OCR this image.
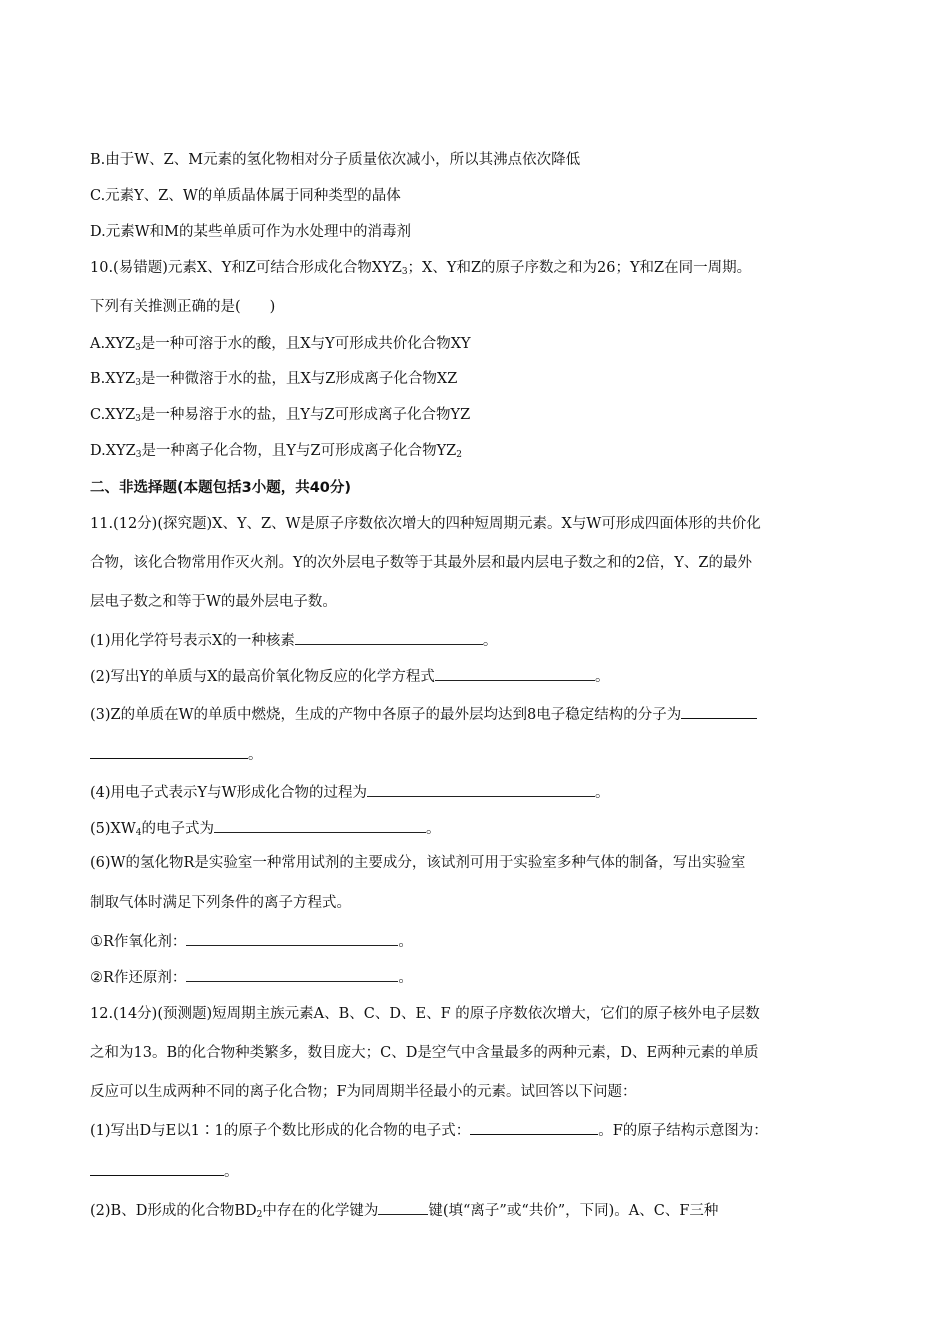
B.由于W、Z、M元素的氢化物相对分子质量依次减小，所以其沸点依次降低
C.元素Y、Z、W的单质晶体属于同种类型的晶体
D.元素W和M的某些单质可作为水处理中的消毒剂
10.(易错题)元素X、Y和Z可结合形成化合物$XYZ_3$；X、Y和Z的原子序数之和为26；Y和Z在同一周期。
下列有关推测正确的是(　　)
$A.XYZ_3$是一种可溶于水的酸，且X与Y可形成共价化合物XY
$B.XYZ_3$是一种微溶于水的盐，且X与Z形成离子化合物XZ
$C.XYZ_3$是一种易溶于水的盐，且Y与Z可形成离子化合物YZ
$D.XYZ_3$是一种离子化合物，且Y与Z可形成离子化合物$YZ_2$
二、非选择题(本题包括3小题，共40分)
11.(12分)(探究题)X、Y、Z、W是原子序数依次增大的四种短周期元素。X与W可形成四面体形的共价化
合物，该化合物常用作灭火剂。Y的次外层电子数等于其最外层和最内层电子数之和的2倍，Y、Z的最外
层电子数之和等于W的最外层电子数。
(1)用化学符号表示X的一种核素	。
(2)写出Y的单质与X的最高价氧化物反应的化学方程式	。
(3)Z的单质在W的单质中燃烧，生成的产物中各原子的最外层均达到8电子稳定结构的分子为
。
(4)用电子式表示Y与W形成化合物的过程为	。
$(5)XW_4$的电子式为	。
(6)W的氢化物R是实验室一种常用试剂的主要成分，该试剂可用于实验室多种气体的制备，写出实验室
制取气体时满足下列条件的离子方程式。
①R作氧化剂：	。
②R作还原剂：	。
12.(14分)(预测题)短周期主族元素A、B、C、D、E、F 的原子序数依次增大，它们的原子核外电子层数
之和为13。B的化合物种类繁多，数目庞大；C、D是空气中含量最多的两种元素，D、E两种元素的单质
反应可以生成两种不同的离子化合物；F为同周期半径最小的元素。试回答以下问题：
(1)写出D与E以1∶1的原子个数比形成的化合物的电子式：	。F的原子结构示意图为：
。
(2)B、D形成的化合物$BD_2$中存在的化学键为	键(填“离子”或“共价”，下同)。A、C、F三种
